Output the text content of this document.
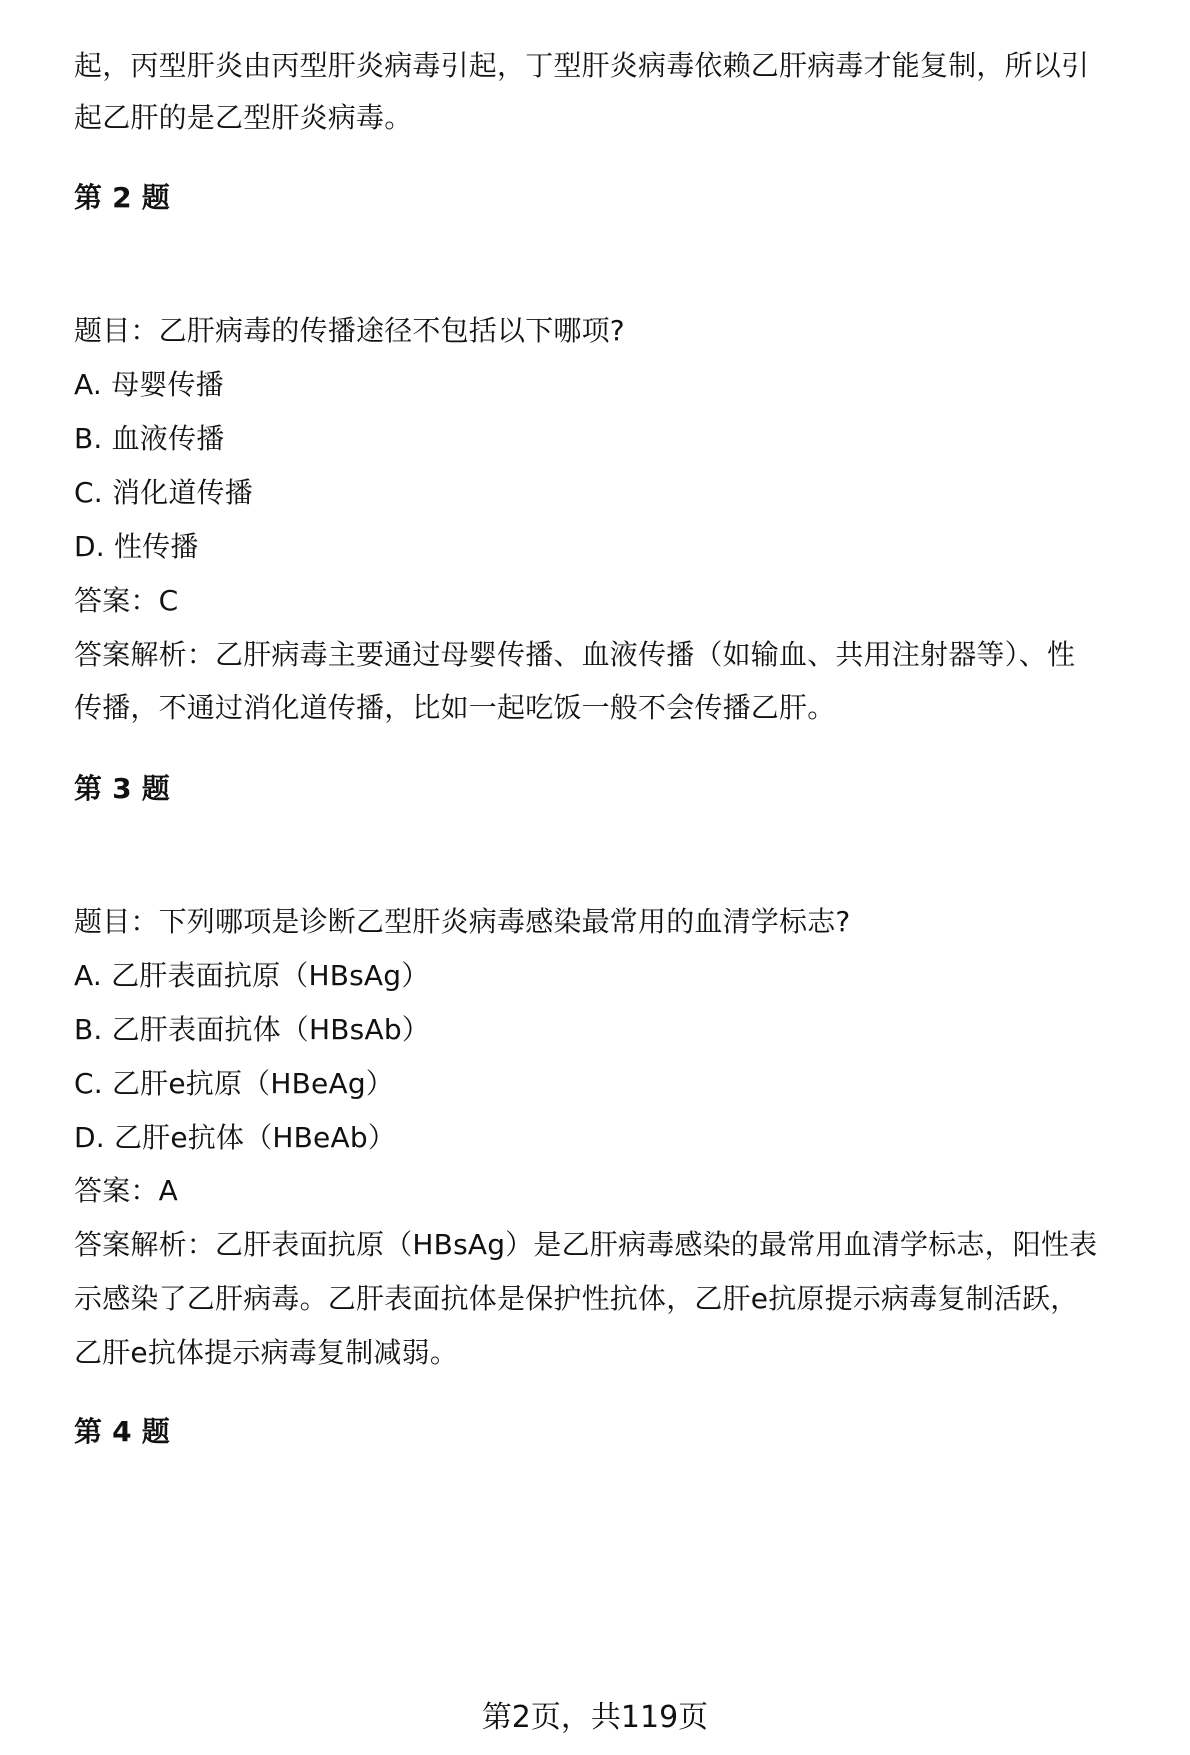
起，丙型肝炎由丙型肝炎病毒引起，丁型肝炎病毒依赖乙肝病毒才能复制，所以引
起乙肝的是乙型肝炎病毒。
第 2 题
题目：乙肝病毒的传播途径不包括以下哪项?
A. 母婴传播
B. 血液传播
C. 消化道传播
D. 性传播
答案：C
答案解析：乙肝病毒主要通过母婴传播、血液传播（如输血、共用注射器等）、性
传播，不通过消化道传播，比如一起吃饭一般不会传播乙肝。
第 3 题
题目：下列哪项是诊断乙型肝炎病毒感染最常用的血清学标志?
A. 乙肝表面抗原（HBsAg）
B. 乙肝表面抗体（HBsAb）
C. 乙肝e抗原（HBeAg）
D. 乙肝e抗体（HBeAb）
答案：A
答案解析：乙肝表面抗原（HBsAg）是乙肝病毒感染的最常用血清学标志，阳性表
示感染了乙肝病毒。乙肝表面抗体是保护性抗体，乙肝e抗原提示病毒复制活跃，
乙肝e抗体提示病毒复制减弱。
第 4 题
第2页，共119页
